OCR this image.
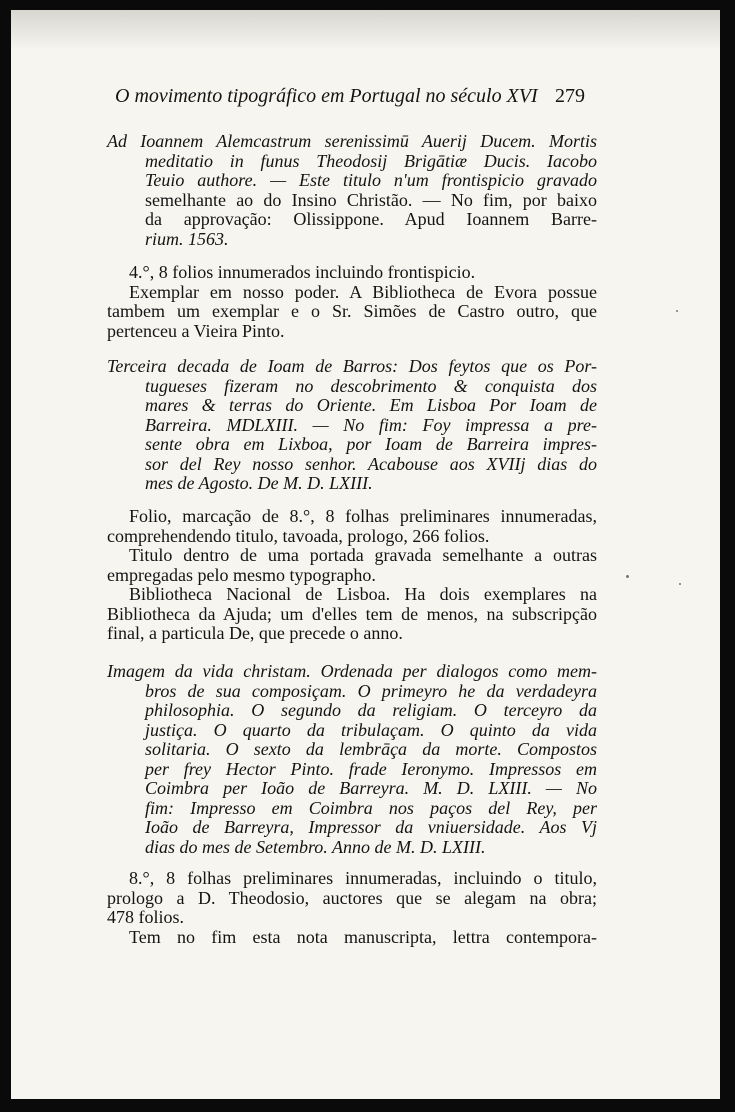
O movimento tipográfico em Portugal no século XVI 279
Ad Ioannem Alemcastrum serenissimū Auerij Ducem. Mortis
meditatio in funus Theodosij Brigātiæ Ducis. Iacobo
Teuio authore. — Este titulo n'um frontispicio gravado
semelhante ao do Insino Christão. — No fim, por baixo
da approvação: Olissippone. Apud Ioannem Barre-
rium. 1563.
4.°, 8 folios innumerados incluindo frontispicio.
Exemplar em nosso poder. A Bibliotheca de Evora possue
tambem um exemplar e o Sr. Simões de Castro outro, que
pertenceu a Vieira Pinto.
Terceira decada de Ioam de Barros: Dos feytos que os Por-
tugueses fizeram no descobrimento & conquista dos
mares & terras do Oriente. Em Lisboa Por Ioam de
Barreira. MDLXIII. — No fim: Foy impressa a pre-
sente obra em Lixboa, por Ioam de Barreira impres-
sor del Rey nosso senhor. Acabouse aos XVIIj dias do
mes de Agosto. De M. D. LXIII.
Folio, marcação de 8.°, 8 folhas preliminares innumeradas,
comprehendendo titulo, tavoada, prologo, 266 folios.
Titulo dentro de uma portada gravada semelhante a outras
empregadas pelo mesmo typographo.
Bibliotheca Nacional de Lisboa. Ha dois exemplares na
Bibliotheca da Ajuda; um d'elles tem de menos, na subscripção
final, a particula De, que precede o anno.
Imagem da vida christam. Ordenada per dialogos como mem-
bros de sua composiçam. O primeyro he da verdadeyra
philosophia. O segundo da religiam. O terceyro da
justiça. O quarto da tribulaçam. O quinto da vida
solitaria. O sexto da lembrāça da morte. Compostos
per frey Hector Pinto. frade Ieronymo. Impressos em
Coimbra per Ioão de Barreyra. M. D. LXIII. — No
fim: Impresso em Coimbra nos paços del Rey, per
Ioão de Barreyra, Impressor da vniuersidade. Aos Vj
dias do mes de Setembro. Anno de M. D. LXIII.
8.°, 8 folhas preliminares innumeradas, incluindo o titulo,
prologo a D. Theodosio, auctores que se alegam na obra;
478 folios.
Tem no fim esta nota manuscripta, lettra contempora-
